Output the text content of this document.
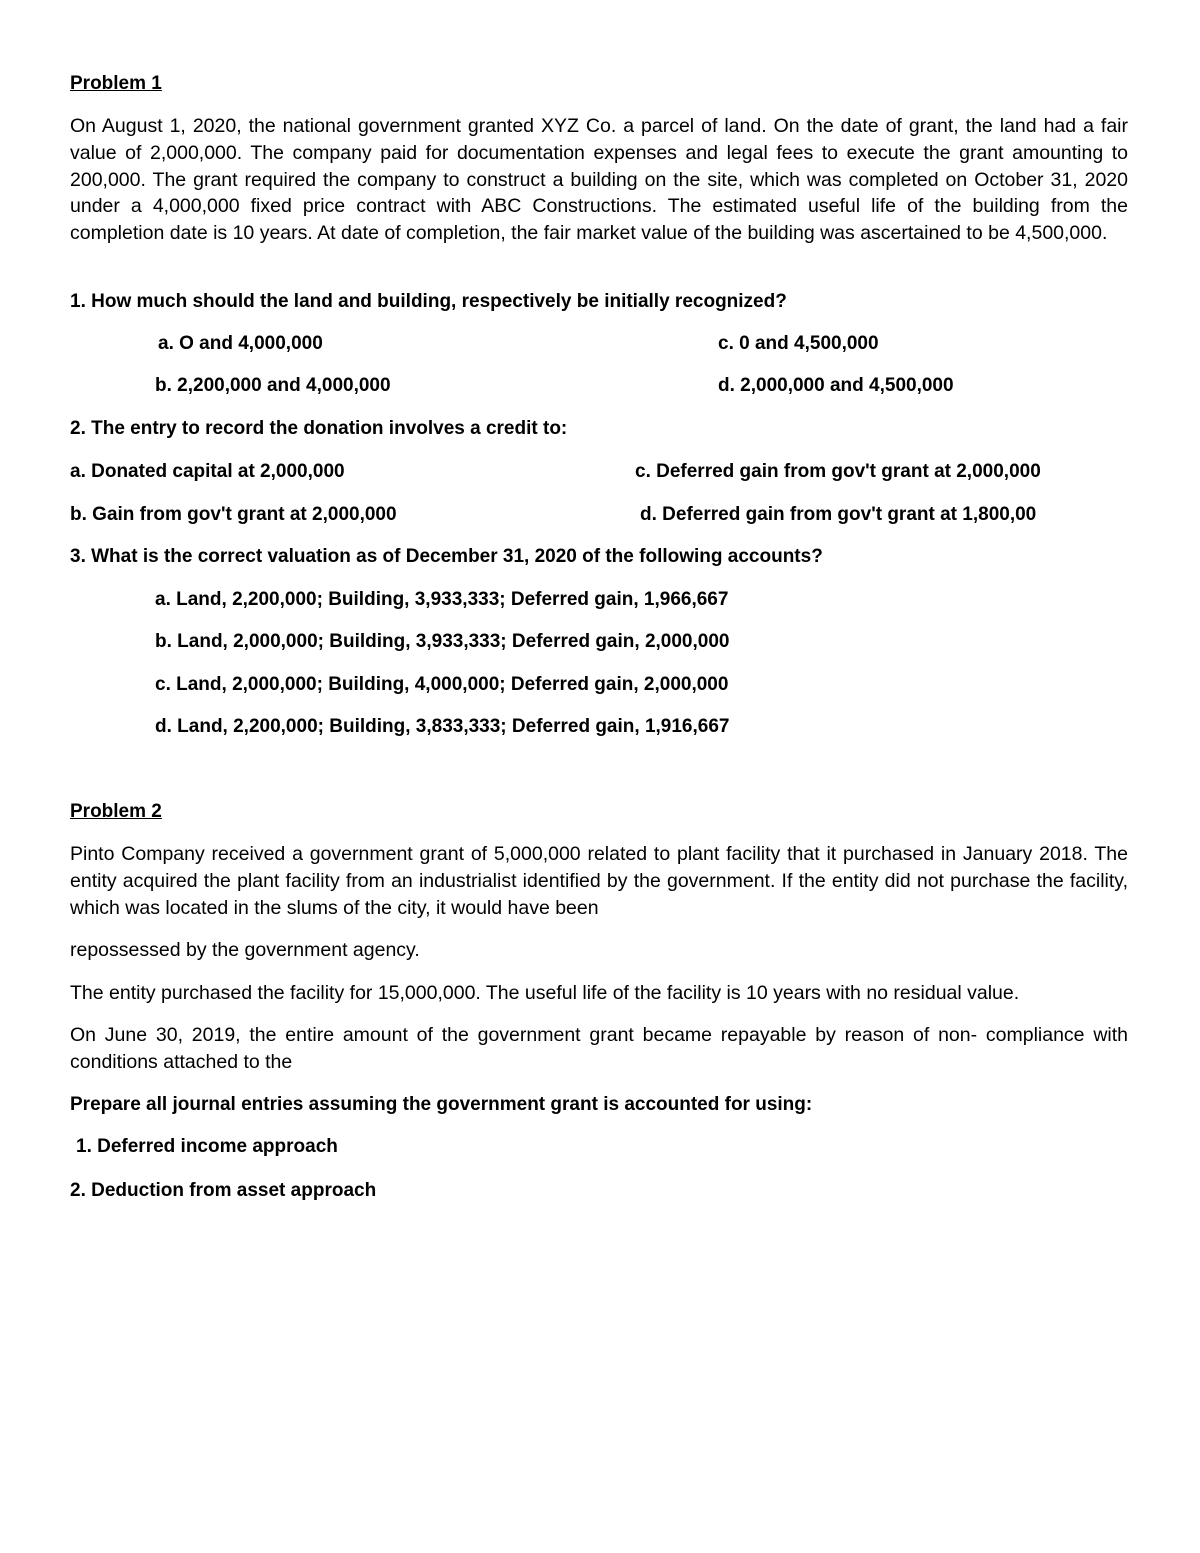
Problem 1

On August 1, 2020, the national government granted XYZ Co. a parcel of land. On the date of grant, the land had a fair value of 2,000,000. The company paid for documentation expenses and legal fees to execute the grant amounting to 200,000. The grant required the company to construct a building on the site, which was completed on October 31, 2020 under a 4,000,000 fixed price contract with ABC Constructions. The estimated useful life of the building from the completion date is 10 years. At date of completion, the fair market value of the building was ascertained to be 4,500,000.

1. How much should the land and building, respectively be initially recognized?

a. O and 4,000,000	c. 0 and 4,500,000

b. 2,200,000 and 4,000,000	d. 2,000,000 and 4,500,000

2. The entry to record the donation involves a credit to:

a. Donated capital at 2,000,000	c. Deferred gain from gov't grant at 2,000,000

b. Gain from gov't grant at 2,000,000	d. Deferred gain from gov't grant at 1,800,00

3. What is the correct valuation as of December 31, 2020 of the following accounts?

a. Land, 2,200,000; Building, 3,933,333; Deferred gain, 1,966,667

b. Land, 2,000,000; Building, 3,933,333; Deferred gain, 2,000,000

c. Land, 2,000,000; Building, 4,000,000; Deferred gain, 2,000,000

d. Land, 2,200,000; Building, 3,833,333; Deferred gain, 1,916,667

Problem 2

Pinto Company received a government grant of 5,000,000 related to plant facility that it purchased in January 2018. The entity acquired the plant facility from an industrialist identified by the government. If the entity did not purchase the facility, which was located in the slums of the city, it would have been

repossessed by the government agency.

The entity purchased the facility for 15,000,000. The useful life of the facility is 10 years with no residual value.

On June 30, 2019, the entire amount of the government grant became repayable by reason of non- compliance with conditions attached to the

Prepare all journal entries assuming the government grant is accounted for using:

1. Deferred income approach

2. Deduction from asset approach
